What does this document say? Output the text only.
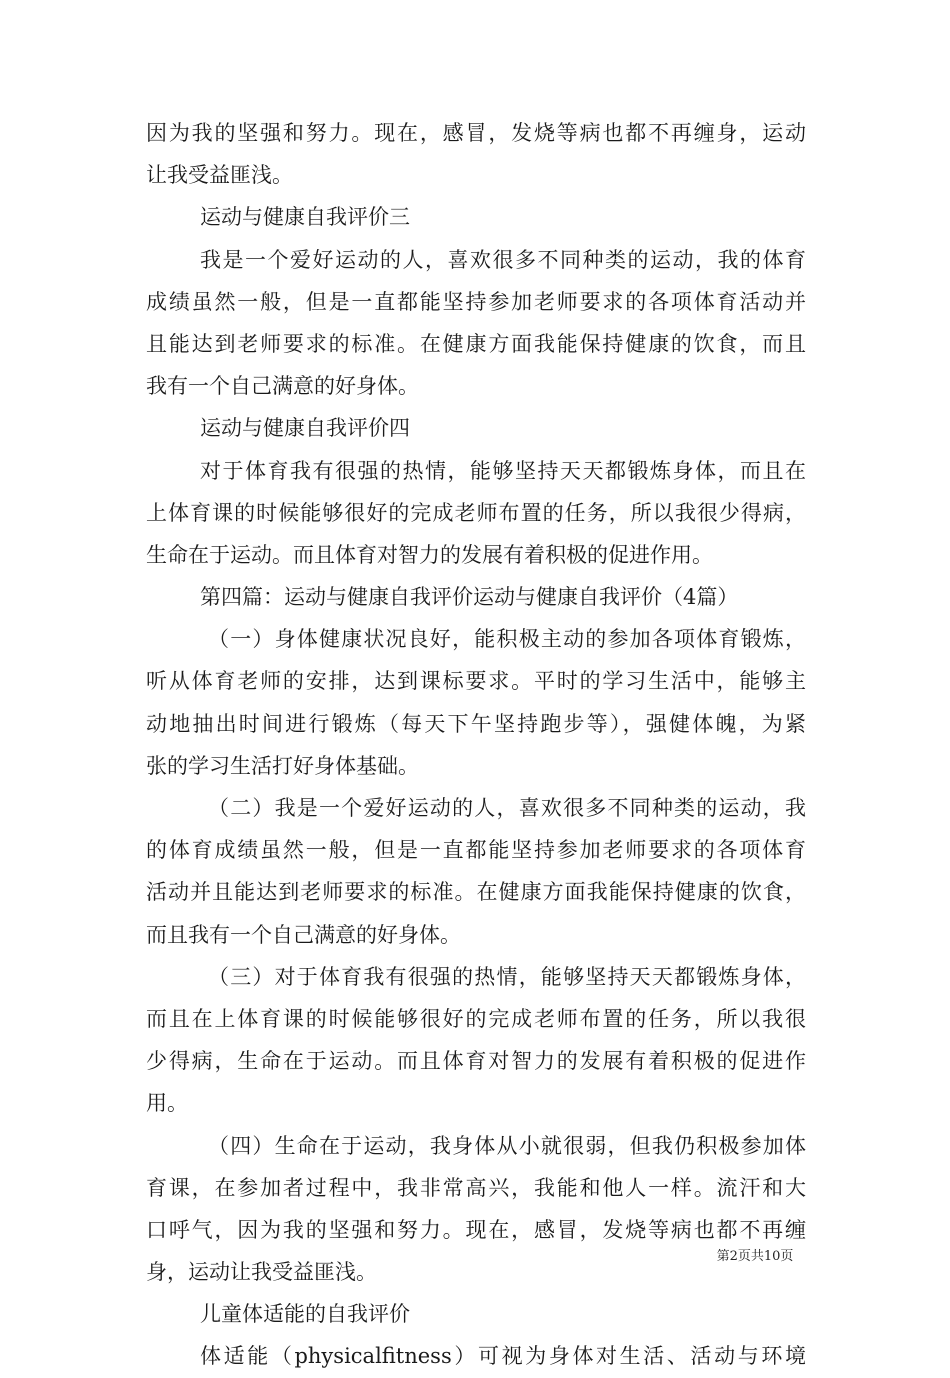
因为我的坚强和努力。现在，感冒，发烧等病也都不再缠身，运动
让我受益匪浅。
运动与健康自我评价三
我是一个爱好运动的人，喜欢很多不同种类的运动，我的体育
成绩虽然一般，但是一直都能坚持参加老师要求的各项体育活动并
且能达到老师要求的标准。在健康方面我能保持健康的饮食，而且
我有一个自己满意的好身体。
运动与健康自我评价四
对于体育我有很强的热情，能够坚持天天都锻炼身体，而且在
上体育课的时候能够很好的完成老师布置的任务，所以我很少得病，
生命在于运动。而且体育对智力的发展有着积极的促进作用。
第四篇：运动与健康自我评价运动与健康自我评价（4篇）
（一）身体健康状况良好，能积极主动的参加各项体育锻炼，
听从体育老师的安排，达到课标要求。平时的学习生活中，能够主
动地抽出时间进行锻炼（每天下午坚持跑步等），强健体魄，为紧
张的学习生活打好身体基础。
（二）我是一个爱好运动的人，喜欢很多不同种类的运动，我
的体育成绩虽然一般，但是一直都能坚持参加老师要求的各项体育
活动并且能达到老师要求的标准。在健康方面我能保持健康的饮食，
而且我有一个自己满意的好身体。
（三）对于体育我有很强的热情，能够坚持天天都锻炼身体，
而且在上体育课的时候能够很好的完成老师布置的任务，所以我很
少得病，生命在于运动。而且体育对智力的发展有着积极的促进作
用。
（四）生命在于运动，我身体从小就很弱，但我仍积极参加体
育课，在参加者过程中，我非常高兴，我能和他人一样。流汗和大
口呼气，因为我的坚强和努力。现在，感冒，发烧等病也都不再缠
身，运动让我受益匪浅。
儿童体适能的自我评价
体适能（physicalfitness）可视为身体对生活、活动与环境
第2页共10页
